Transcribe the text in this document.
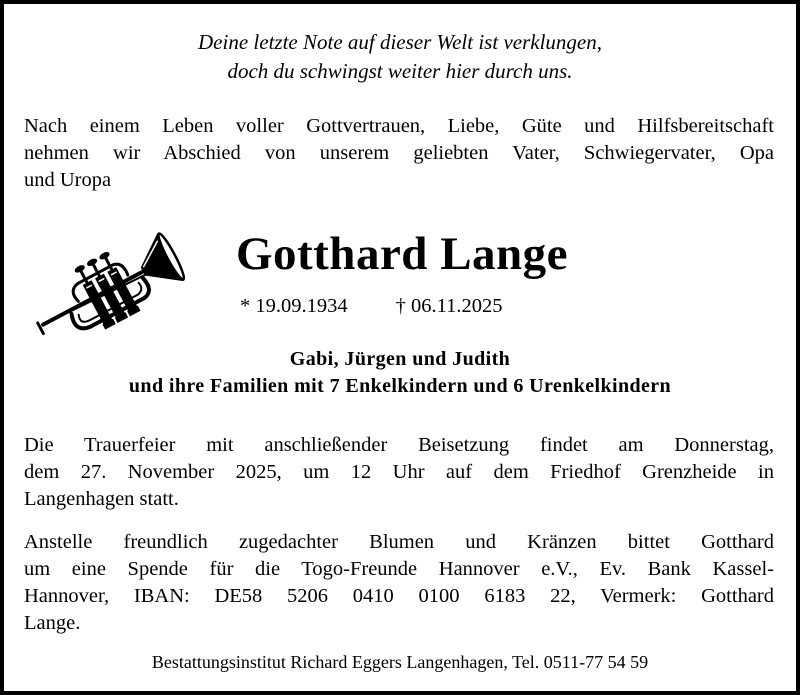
Deine letzte Note auf dieser Welt ist verklungen,
doch du schwingst weiter hier durch uns.
Nach einem Leben voller Gottvertrauen, Liebe, Güte und Hilfsbereitschaft
nehmen wir Abschied von unserem geliebten Vater, Schwiegervater, Opa
und Uropa
Gotthard Lange
* 19.09.1934 † 06.11.2025
Gabi, Jürgen und Judith
und ihre Familien mit 7 Enkelkindern und 6 Urenkelkindern
Die Trauerfeier mit anschließender Beisetzung findet am Donnerstag,
dem 27. November 2025, um 12 Uhr auf dem Friedhof Grenzheide in
Langenhagen statt.
Anstelle freundlich zugedachter Blumen und Kränzen bittet Gotthard
um eine Spende für die Togo-Freunde Hannover e.V., Ev. Bank Kassel-
Hannover, IBAN: DE58 5206 0410 0100 6183 22, Vermerk: Gotthard
Lange.
Bestattungsinstitut Richard Eggers Langenhagen, Tel. 0511-77 54 59
